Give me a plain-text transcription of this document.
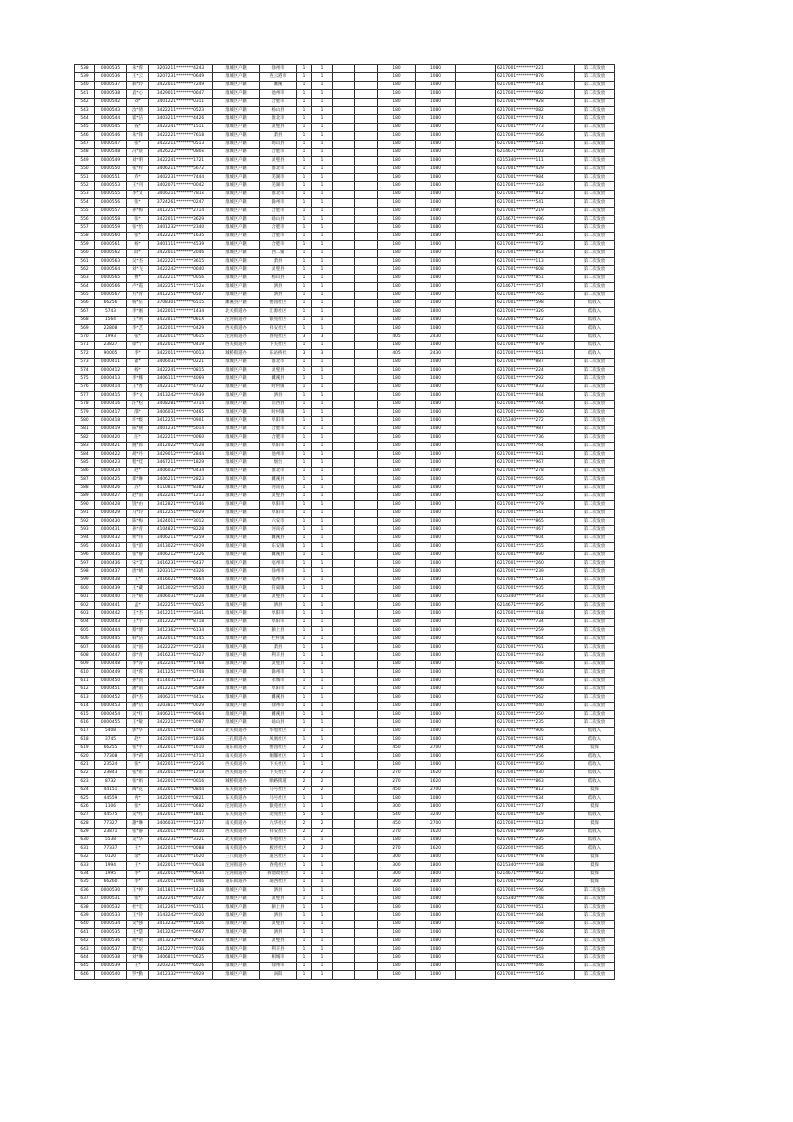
538	0000535	朱*蓉	3203211********4243	淮城区户籍	徐州市	1	1			180	1080		6217001*********221	第二次发放
539	0000536	王*云	3207231********0649	淮城区户籍	连云港市	1	1			180	1080		6217001*********876	第二次发放
540	0000537	郝*玲	3422011********7249	淮城区户籍	濉溪	1	1			180	1080		6217001*********314	第二次发放
541	0000538	袁*心	3429011********0647	淮城区户籍	池州市	1	1			180	1080		6217001*********692	第二次发放
542	0000542	刘*	3401221********0311	淮城区户籍	合肥市	1	1			180	1080		6217001*********928	第二次发放
543	0000543	汝*倩	3422211********0523	淮城区户籍	杨山县	1	1			180	1080		6217001*********082	第二次发放
544	0000544	霍*洁	3403211********4426	淮城区户籍	淮北市	1	1			180	1080		6217001*********074	第二次发放
545	0000545	钱*	3422241********1511	淮城区户籍	灵璧县	1	1			180	1080		6217001*********773	第二次发放
546	0000546	朱*锋	3422221********7618	淮城区户籍	萧县	1	1			180	1080		6217001*********066	第二次发放
547	0000547	张*	3422211********0513	淮城区户籍	场山县	1	1			180	1080		6217001*********531	第二次发放
548	0000548	冯*晨	3426222********080x	淮城区户籍	合肥市	1	1			180	1080		6214671*********103	第二次发放
549	0000549	刘*明	3422241********1721	淮城区户籍	灵璧县	1	1			180	1080		6215340*********111	第二次发放
550	0000550	张*梓	3406211********5672	淮城区户籍	淮北市	1	1			180	1080		6217001*********429	第二次发放
551	0000551	乔*	3402231********7444	淮城区户籍	芜湖市	1	1			180	1080		6217001*********984	第二次发放
552	0000553	王*刊	3402071********0042	淮城区户籍	芜湖市	1	1			180	1080		6217001*********333	第二次发放
553	0000555	李*文	3406211********781x	淮城区户籍	淮北市	1	1			180	1080		6217001*********812	第二次发放
554	0000556	张*	3724261********0247	淮城区户籍	滁州市	1	1			180	1080		6217001*********541	第二次发放
555	0000557	孙*梅	3412251********2714	淮城区户籍	合肥市	1	1			180	1080		6217001*********219	第二次发放
556	0000558	张*	3422011********3629	淮城区户籍	砀山县	1	1			180	1080		6214671*********496	第二次发放
557	0000559	张*怡	3401232********2340	淮城区户籍	合肥市	1	1			180	1080		6217001*********461	第二次发放
558	0000560	张*	3422221********1635	淮城区户籍	合肥市	1	1			180	1080		6217001*********361	第二次发放
559	0000561	杨*	3401111********4539	淮城区户籍	合肥市	1	1			180	1080		6217001*********672	第二次发放
560	0000562	薛*	3422011********2046	淮城区户籍	西二铺	1	1			180	1080		6217001*********853	第二次发放
561	0000563	吴*杰	3422221********3615	淮城区户籍	萧县	1	1			180	1080		6217001*********113	第二次发放
562	0000564	刘*飞	3422242********0640	淮城区户籍	灵璧县	1	1			180	1080		6217001*********608	第二次发放
563	0000565	曹*	3422211********0056	淮城区户籍	杨山县	1	1			180	1080		6217001*********851	第二次发放
564	0000566	卢*霞	3422251********152x	淮城区户籍	泗县	1	1			180	1080		6214671*********357	第二次发放
565	0000567	方*青	3412251********0507	淮城区户籍	泗县	1	1			180	1080		6217001*********765	第二次发放
566	66256	杨*伍	3708301********6515	濉溪县户籍	婴园社区	1	1			180	1080		6217001*********598	低收入
567	5743	李*刚	3422011********1434	北关街道办	汇源社区	1	1			180	1800		6217001*********326	低收入
568	1564	王*利	3422011********061X	沱河街道办	银苑社区	1	1			180	1080		6222001*********622	低收入
569	22808	李*艺	3422011********0429	西关街道办	祥安社区	1	1			180	1080		6217001*********433	低收入
570	1993	张*	3422011********0615	沱河街道办	春苑社区	3	3			405	2430		6217001*********432	低收入
571	23827	徐*宁	3422011********0419	西关街道办	下关社区	1	1			180	1080		6217001*********879	低收入
572	90005	李*	3422011********0013	城桥街道办	东站桥社	3	3			405	2430		6217001*********651	低收入
573	0000411	翟*	3406031********0221	淮城区户籍	淮北市	1	1			180	1080		6217001*********887	第二次发放
574	0000412	杨*	3422241********0815	淮城区户籍	灵璧县	1	1			180	1080		6217001*********224	第二次发放
575	0000413	李*娜	3406111********4069	淮城区户籍	濉溪县	1	1			180	1080		6217001*********292	第二次发放
576	0000414	王*香	3422311********4732	淮城区户籍	时村镇	1	1			180	1080		6217001*********833	第二次发放
577	0000415	李*文	3413242********4939	淮城区户籍	泗县	1	1			180	1080		6217001*********844	第二次发放
578	0000416	汪*松	3408281********3714	淮城区户籍	岳西县	1	1			180	1080		6217001*********744	第二次发放
579	0000417	邵*	3406031********0465	淮城区户籍	时村镇	1	1			180	1080		6217001*********900	第二次发放
580	0000418	许*级	3412251********0901	淮城区户籍	阜阳市	1	1			180	1080		6215340*********272	第二次发放
581	0000419	陈*丽	3401231********5014	淮城区户籍	合肥市	1	1			180	1080		6217001*********987	第二次发放
582	0000420	汪*	3422211********0060	淮城区户籍	合肥市	1	1			180	1080		6217001*********736	第二次发放
583	0000421	姚*郎	3412022********0528	淮城区户籍	阜阳市	1	1			180	1080		6217001*********764	第二次发放
584	0000422	胡*丹	3429012********2844	淮城区户籍	池州市	1	1			180	1080		6217001*********931	第二次发放
585	0000423	程*佳	3467211********1829	淮城区户籍	烟台	1	1			180	1080		6217001*********967	第二次发放
586	0000424	赵*	3406032********0434	淮城区户籍	淮北市	1	1			180	1080		6217001*********278	第二次发放
587	0000425	郑*琳	3406211********2823	淮城区户籍	濉溪县	1	1			180	1080		6217001*********665	第二次发放
588	0000426	苏*	4110811********8382	淮城区户籍	河南省	1	1			180	1080		6217001*********197	第二次发放
589	0000427	赵*南	3422241********1213	淮城区户籍	灵璧县	1	1			180	1080		6217001*********152	第二次发放
590	0000428	饶*由	3412821********0146	淮城区户籍	阜阳市	1	1			180	1080		6217001*********279	第二次发放
591	0000429	马*玲	3412251********6029	淮城区户籍	阜阳市	1	1			180	1080		6217001*********541	第二次发放
592	0000430	陈*梅	3424011********3012	淮城区户籍	六安市	1	1			180	1080		6217001*********865	第二次发放
593	0000431	孙*青	4104821********8228	淮城区户籍	河南省	1	1			180	1080		6217001*********467	第二次发放
594	0000432	侯*伟	3406211********3259	淮城区户籍	濉溪县	1	1			180	1080		6217001*********604	第二次发放
595	0000433	张*韵	3413022********4929	淮城区户籍	东安镇	1	1			180	1080		6217001*********355	第二次发放
596	0000435	张*静	3406212********1226	淮城区户籍	濉溪县	1	1			180	1080		6217001*********890	第二次发放
597	0000436	宋*艾	3416231********6437	淮城区户籍	亳州市	1	1			180	1080		6217001*********260	第二次发放
598	0000437	唐*晴	3203112********4326	淮城区户籍	徐州市	1	1			180	1080		6217001*********239	第二次发放
599	0000438	王*	3416021********4664	淮城区户籍	亳州市	1	1			180	1080		6217001*********531	第二次发放
600	0000439	王*藏	3413022********8520	淮城区户籍	符离镇	1	1			180	1080		6217001*********605	第二次发放
601	0000440	汪*晴	3406031********1228	淮城区户籍	灵璧县	1	1			180	1080		6215340*********343	第二次发放
602	0000441	孟*	3422251********0025	淮城区户籍	泗县	1	1			180	1080		6214671*********895	第二次发放
603	0000442	王*杰	3412211********3341	淮城区户籍	阜阳市	1	1			180	1080		6217001*********418	第二次发放
604	0000443	王*宇	3412222********8718	淮城区户籍	阜阳市	1	1			180	1080		6217001*********734	第二次发放
605	0000444	蔡*博	3412362********6134	淮城区户籍	颍上县	1	1			180	1080		6217001*********259	第二次发放
606	0000445	韩*洁	3422011********4145	淮城区户籍	栏杆镇	1	1			180	1080		6217001*********664	第二次发放
607	0000446	吴*国	3422222********3224	淮城区户籍	萧县	1	1			180	1080		6217001*********761	第二次发放
608	0000447	徐*青	3416231********8327	淮城区户籍	利辛县	1	1			180	1080		6217001*********493	第二次发放
609	0000448	李*涛	3422241********1768	淮城区户籍	灵璧县	1	1			180	1080		6217001*********686	第二次发放
610	0000449	司*蓉	3411251********0748	淮城区户籍	滁州市	1	1			180	1080		6217001*********903	第二次发放
611	0000450	孙*同	4114031********5123	淮城区户籍	永城市	1	1			180	1080		6217001*********008	第二次发放
612	0000451	潘*南	3412211********2589	淮城区户籍	阜阳市	1	1			180	1080		6217001*********560	第二次发放
613	0000452	薛*杰	3406211********441x	淮城区户籍	濉溪县	1	1			180	1080		6217001*********262	第二次发放
614	0000453	潘*岳	3203811********0029	淮城区户籍	徐州市	1	1			180	1080		6217001*********040	第二次发放
615	0000454	吴*红	3406211********9064	淮城区户籍	濉溪县	1	1			180	1080		6217001*********250	第二次发放
616	0000455	王*敏	3422211********0087	淮城区户籍	砀山县	1	1			180	1080		6217001*********235	第二次发放
617	5408	郭*华	3422011********1043	北关街道办	华旭社区	1	1			180	1080		6217001*********906	低收入
618	3745	赵*	3422011********1836	三孔街道办	凤凰社区	1	1			180	1080		6217001*********641	低收入
619	66255	张*平	3422011********1610	道东街道办	婴园社区	2	2			450	2700		6217001*********294	低保
620	77308	李*莉	3422011********4713	南关街道办	炯馨社区	1	1			180	1080		6217001*********356	低收入
621	23524	张*	3422011********2226	西关街道办	下关社区	1	1			180	1080		6217001*********850	低收入
622	23843	张*希	3422011********1218	西关街道办	下关社区	2	2			270	1620		6217001*********030	低收入
623	8732	张*娟	3422011********0016	城桥街道办	顺路街道	2	2			270	1620		6217001*********863	低收入
624	44151	陶*花	3422011********0844	东关街道办	马号社区	2	2			450	2700		6217001*********812	低保
625	44559	冉*	3422011********0821	东关街道办	马号社区	1	1			180	1080		6217001*********634	低收入
626	1106	张*	3422011********0682	沱河街道办	银苑社区	1	1			300	1800		6217001*********127	低保
627	44575	吴*红	3422011********1841	东关街道办	北苑社区	5	5			540	3240		6217001*********429	低收入
628	77327	謝*琳	3406031********1237	南关街道办	九华社区	2	2			450	2700		6217001*********012	低保
629	23871	张*静	3422011********4410	西关街道办	祥安社区	2	2			270	1620		6217001*********869	低收入
630	5538	吴*华	3422231********3321	北关街道办	华旭社区	1	1			180	1080		6217001*********235	低收入
631	77337	王*	3422011********0088	南关街道办	板泾社区	2	2			270	1620		6222001*********085	低收入
632	0120	余*	3422011********1620	三八街道办	道宫社区	1	1			300	1800		6217001*********978	低保
633	1994	王*	3422011********0618	沱河街道办	春苑社区	1	1			300	1800		6215340*********348	低保
634	1995	李*	3422011********0634	沱河街道办	拆池政社区	1	1			300	1800		6214671*********902	低保
635	66260	李*	3422011********1046	道东街道办	迪西社区	1	1			300	1800		6217001*********562	低保
636	0000530	王*婷	3411811********1428	淮城区户籍	泗县	1	1			180	1080		6217001*********596	第二次发放
637	0000531	张*	3422241********2027	淮城区户籍	灵璧县	1	1			180	1080		6215340*********748	第二次发放
638	0000532	杜*宏	3412261********6311	淮城区户籍	颍上县	1	1			180	1080		6217001*********051	第二次发放
639	0000533	王*铃	3143242********3020	淮城区户籍	泗县	1	1			180	1080		6217001*********384	第二次发放
640	0000534	吴*强	3413232********1826	淮城区户籍	灵璧县	1	1			180	1080		6217001*********168	第二次发放
641	0000535	王*慧	3413242********6667	淮城区户籍	泗县	1	1			180	1080		6217001*********608	第二次发放
642	0000536	胡*萌	3413232********062x	淮城区户籍	灵璧县	1	1			180	1080		6217001*********222	第二次发放
643	0000537	郑*坛	3412271********7036	淮城区户籍	利辛县	1	1			180	1080		6217001*********549	第二次发放
644	0000538	刘*琳	3406811********0625	淮城区户籍	相城市	1	1			180	1080		6217001*********453	第二次发放
645	0000539	王*	3203231********6026	淮城区户籍	徐州市	1	1			180	1080		6217001*********046	第二次发放
646	0000540	罗*勤	3412332********4929	淮城区户籍	涡阳	1	1			180	1080		6217001*********516	第二次发放
